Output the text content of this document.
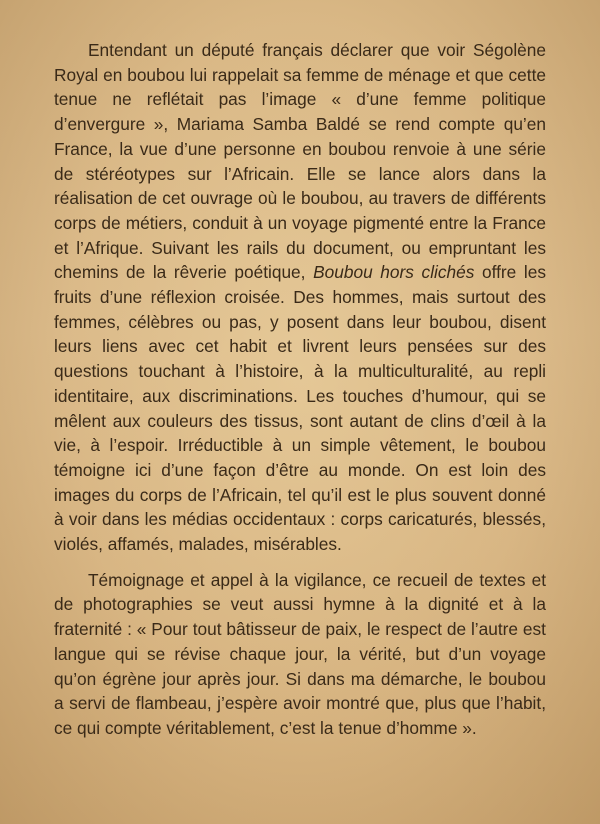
Entendant un député français déclarer que voir Ségolène Royal en boubou lui rappelait sa femme de ménage et que cette tenue ne reflétait pas l’image « d’une femme politique d’envergure », Mariama Samba Baldé se rend compte qu’en France, la vue d’une personne en boubou renvoie à une série de stéréotypes sur l’Africain. Elle se lance alors dans la réalisation de cet ouvrage où le boubou, au travers de différents corps de métiers, conduit à un voyage pigmenté entre la France et l’Afrique. Suivant les rails du document, ou empruntant les chemins de la rêverie poétique, Boubou hors clichés offre les fruits d’une réflexion croisée. Des hommes, mais surtout des femmes, célèbres ou pas, y posent dans leur boubou, disent leurs liens avec cet habit et livrent leurs pensées sur des questions touchant à l’histoire, à la multiculturalité, au repli identitaire, aux discriminations. Les touches d’humour, qui se mêlent aux couleurs des tissus, sont autant de clins d’œil à la vie, à l’espoir. Irréductible à un simple vêtement, le boubou témoigne ici d’une façon d’être au monde. On est loin des images du corps de l’Africain, tel qu’il est le plus souvent donné à voir dans les médias occidentaux : corps caricaturés, blessés, violés, affamés, malades, misérables.

Témoignage et appel à la vigilance, ce recueil de textes et de photographies se veut aussi hymne à la dignité et à la fraternité : « Pour tout bâtisseur de paix, le respect de l’autre est langue qui se révise chaque jour, la vérité, but d’un voyage qu’on égrène jour après jour. Si dans ma démarche, le boubou a servi de flambeau, j’espère avoir montré que, plus que l’habit, ce qui compte véritablement, c’est la tenue d’homme ».
